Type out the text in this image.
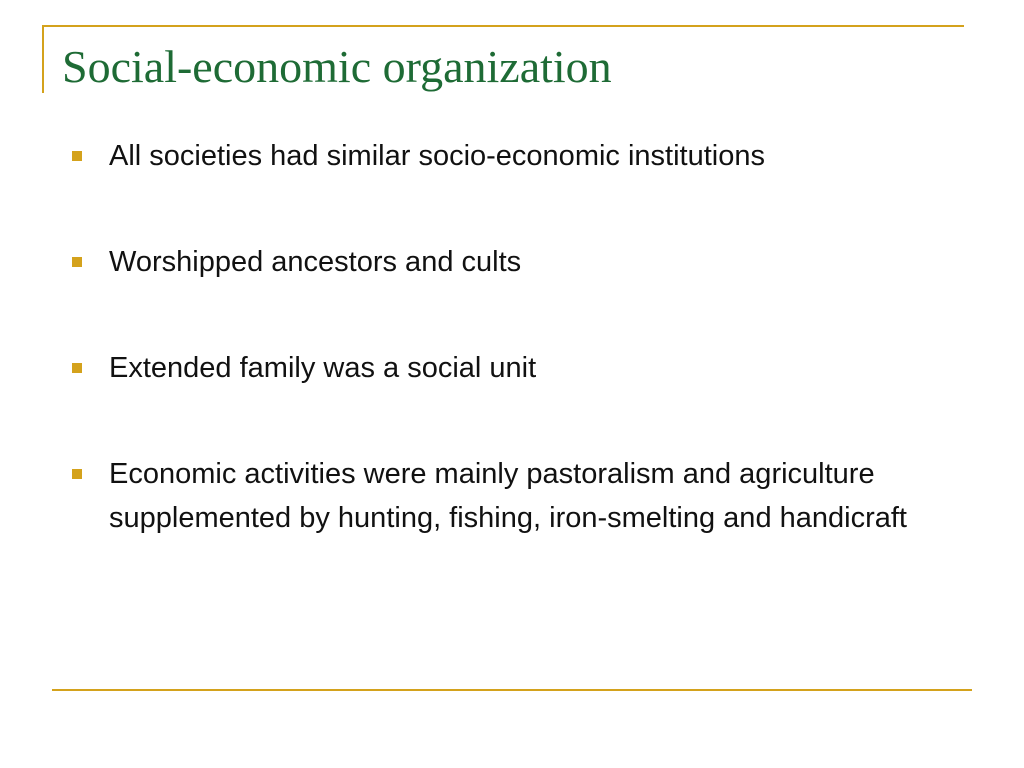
Social-economic organization
All societies had similar socio-economic institutions
Worshipped ancestors and cults
Extended family was a social unit
Economic activities were mainly pastoralism and agriculture supplemented by hunting, fishing, iron-smelting and handicraft
